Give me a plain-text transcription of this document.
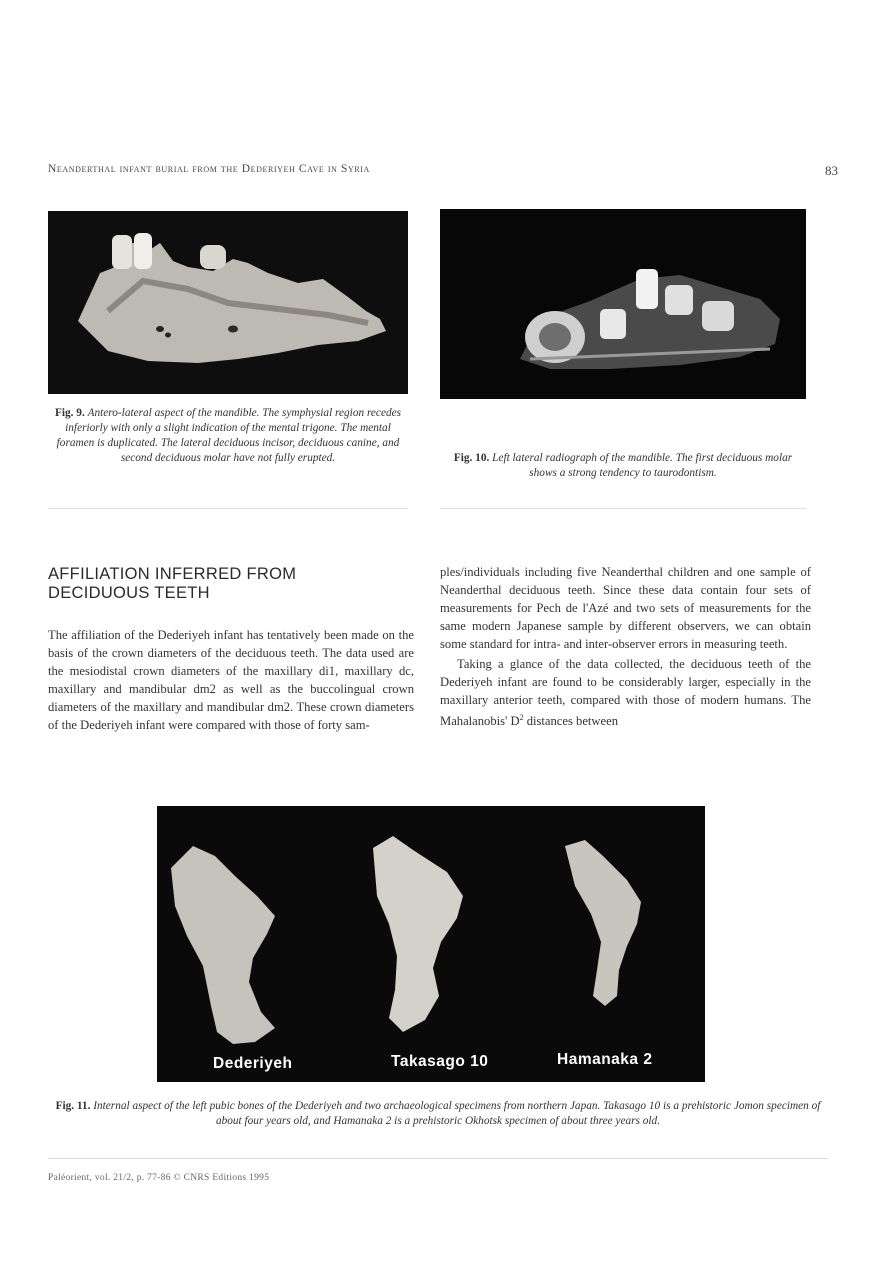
Neanderthal infant burial from the Dederiyeh Cave in Syria	83
Fig. 9. Antero-lateral aspect of the mandible. The symphysial region recedes inferiorly with only a slight indication of the mental trigone. The mental foramen is duplicated. The lateral deciduous incisor, deciduous canine, and second deciduous molar have not fully erupted.	Fig. 10. Left lateral radiograph of the mandible. The first deciduous molar shows a strong tendency to taurodontism.
AFFILIATION INFERRED FROM
DECIDUOUS TEETH

The affiliation of the Dederiyeh infant has tentatively been made on the basis of the crown diameters of the deciduous teeth. The data used are the mesiodistal crown diameters of the maxillary di1, maxillary dc, maxillary and mandibular dm2 as well as the buccolingual crown diameters of the maxillary and mandibular dm2. These crown diameters of the Dederiyeh infant were compared with those of forty sam-

ples/individuals including five Neanderthal children and one sample of Neanderthal deciduous teeth. Since these data contain four sets of measurements for Pech de l'Azé and two sets of measurements for the same modern Japanese sample by different observers, we can obtain some standard for intra- and inter-observer errors in measuring teeth.

Taking a glance of the data collected, the deciduous teeth of the Dederiyeh infant are found to be considerably larger, especially in the maxillary anterior teeth, compared with those of modern humans. The Mahalanobis' $D^2$ distances between

Dederiyeh	Takasago 10	Hamanaka 2
Fig. 11. Internal aspect of the left pubic bones of the Dederiyeh and two archaeological specimens from northern Japan. Takasago 10 is a prehistoric Jomon specimen of about four years old, and Hamanaka 2 is a prehistoric Okhotsk specimen of about three years old.
Paléorient, vol. 21/2, p. 77-86 © CNRS Editions 1995
